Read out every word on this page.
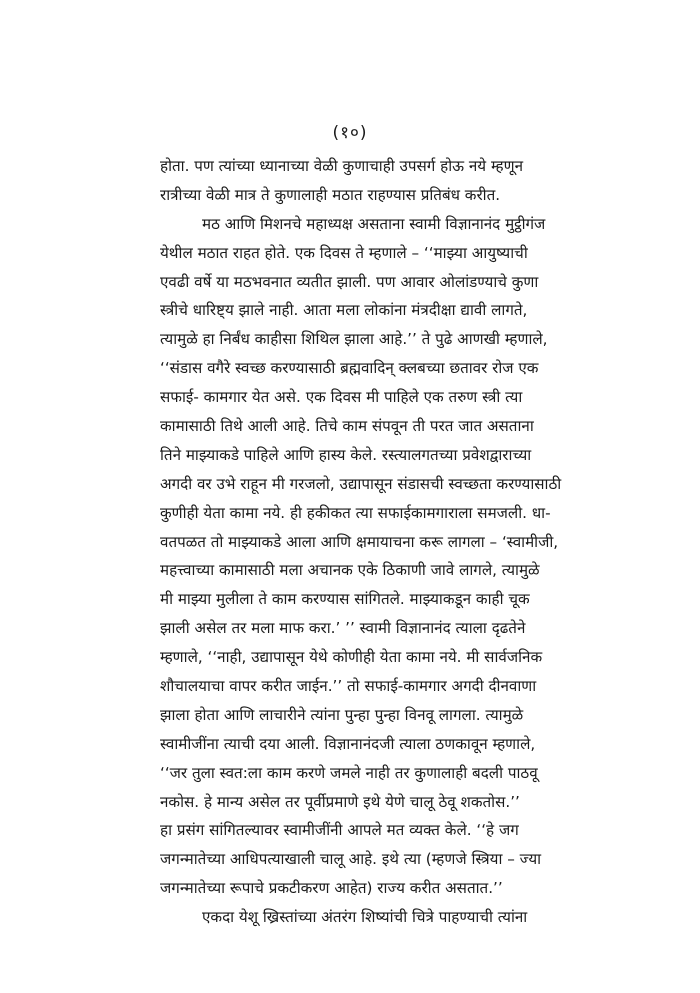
(१०)
होता. पण त्यांच्या ध्यानाच्या वेळी कुणाचाही उपसर्ग होऊ नये म्हणून
रात्रीच्या वेळी मात्र ते कुणालाही मठात राहण्यास प्रतिबंध करीत.
मठ आणि मिशनचे महाध्यक्ष असताना स्वामी विज्ञानानंद मुट्ठीगंज
येथील मठात राहत होते. एक दिवस ते म्हणाले – ‘‘माझ्या आयुष्याची
एवढी वर्षे या मठभवनात व्यतीत झाली. पण आवार ओलांडण्याचे कुणा
स्त्रीचे धारिष्ट्य झाले नाही. आता मला लोकांना मंत्रदीक्षा द्यावी लागते,
त्यामुळे हा निर्बंध काहीसा शिथिल झाला आहे.’’ ते पुढे आणखी म्हणाले,
‘‘संडास वगैरे स्वच्छ करण्यासाठी ब्रह्मवादिन् क्लबच्या छतावर रोज एक
सफाई- कामगार येत असे. एक दिवस मी पाहिले एक तरुण स्त्री त्या
कामासाठी तिथे आली आहे. तिचे काम संपवून ती परत जात असताना
तिने माझ्याकडे पाहिले आणि हास्य केले. रस्त्यालगतच्या प्रवेशद्वाराच्या
अगदी वर उभे राहून मी गरजलो, उद्यापासून संडासची स्वच्छता करण्यासाठी
कुणीही येता कामा नये. ही हकीकत त्या सफाईकामगाराला समजली. धा-
वतपळत तो माझ्याकडे आला आणि क्षमायाचना करू लागला – ‘स्वामीजी,
महत्त्वाच्या कामासाठी मला अचानक एके ठिकाणी जावे लागले, त्यामुळे
मी माझ्या मुलीला ते काम करण्यास सांगितले. माझ्याकडून काही चूक
झाली असेल तर मला माफ करा.’ ’’ स्वामी विज्ञानानंद त्याला दृढतेने
म्हणाले, ‘‘नाही, उद्यापासून येथे कोणीही येता कामा नये. मी सार्वजनिक
शौचालयाचा वापर करीत जाईन.’’ तो सफाई-कामगार अगदी दीनवाणा
झाला होता आणि लाचारीने त्यांना पुन्हा पुन्हा विनवू लागला. त्यामुळे
स्वामीजींना त्याची दया आली. विज्ञानानंदजी त्याला ठणकावून म्हणाले,
‘‘जर तुला स्वत:ला काम करणे जमले नाही तर कुणालाही बदली पाठवू
नकोस. हे मान्य असेल तर पूर्वीप्रमाणे इथे येणे चालू ठेवू शकतोस.’’
हा प्रसंग सांगितल्यावर स्वामीजींनी आपले मत व्यक्त केले. ‘‘हे जग
जगन्मातेच्या आधिपत्याखाली चालू आहे. इथे त्या (म्हणजे स्त्रिया – ज्या
जगन्मातेच्या रूपाचे प्रकटीकरण आहेत) राज्य करीत असतात.’’
एकदा येशू ख्रिस्तांच्या अंतरंग शिष्यांची चित्रे पाहण्याची त्यांना
